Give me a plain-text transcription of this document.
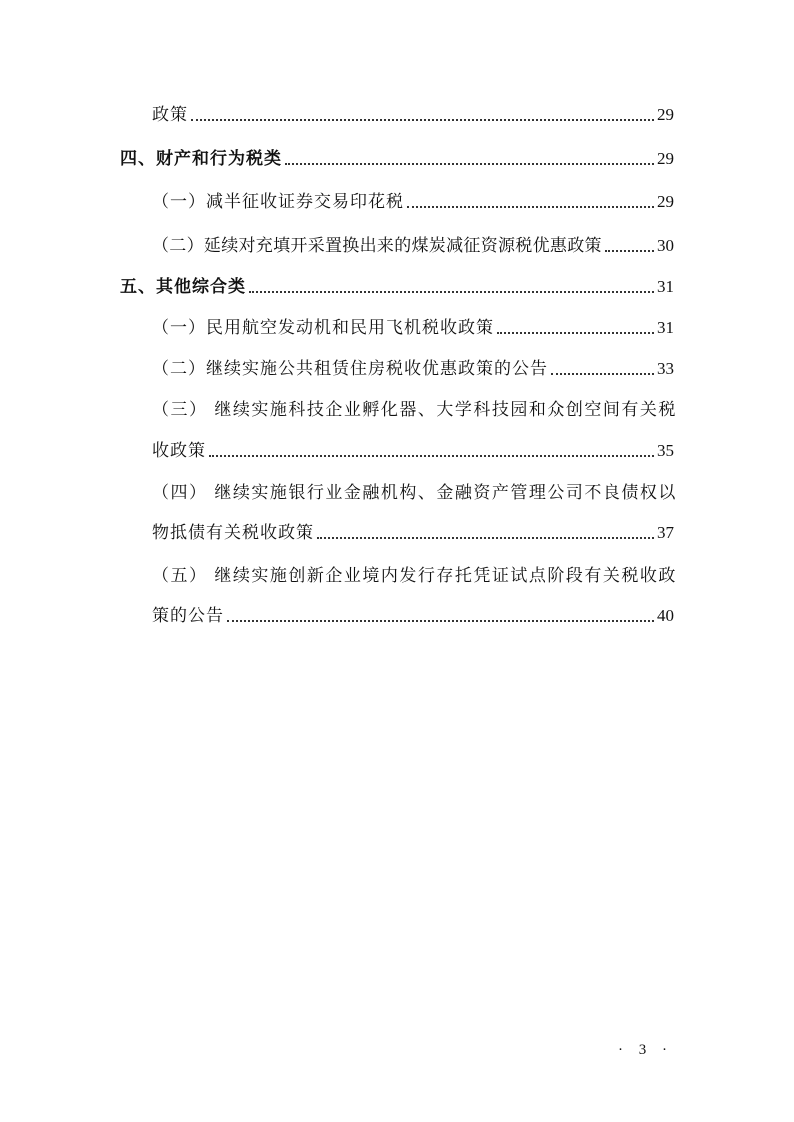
政策	29
四、财产和行为税类	29
（一）减半征收证券交易印花税	29
（二）延续对充填开采置换出来的煤炭减征资源税优惠政策	30
五、其他综合类	31
（一）民用航空发动机和民用飞机税收政策	31
（二）继续实施公共租赁住房税收优惠政策的公告	33
（三） 继续实施科技企业孵化器、大学科技园和众创空间有关税
收政策	35
（四） 继续实施银行业金融机构、金融资产管理公司不良债权以
物抵债有关税收政策	37
（五） 继续实施创新企业境内发行存托凭证试点阶段有关税收政
策的公告	40
· 3 ·
